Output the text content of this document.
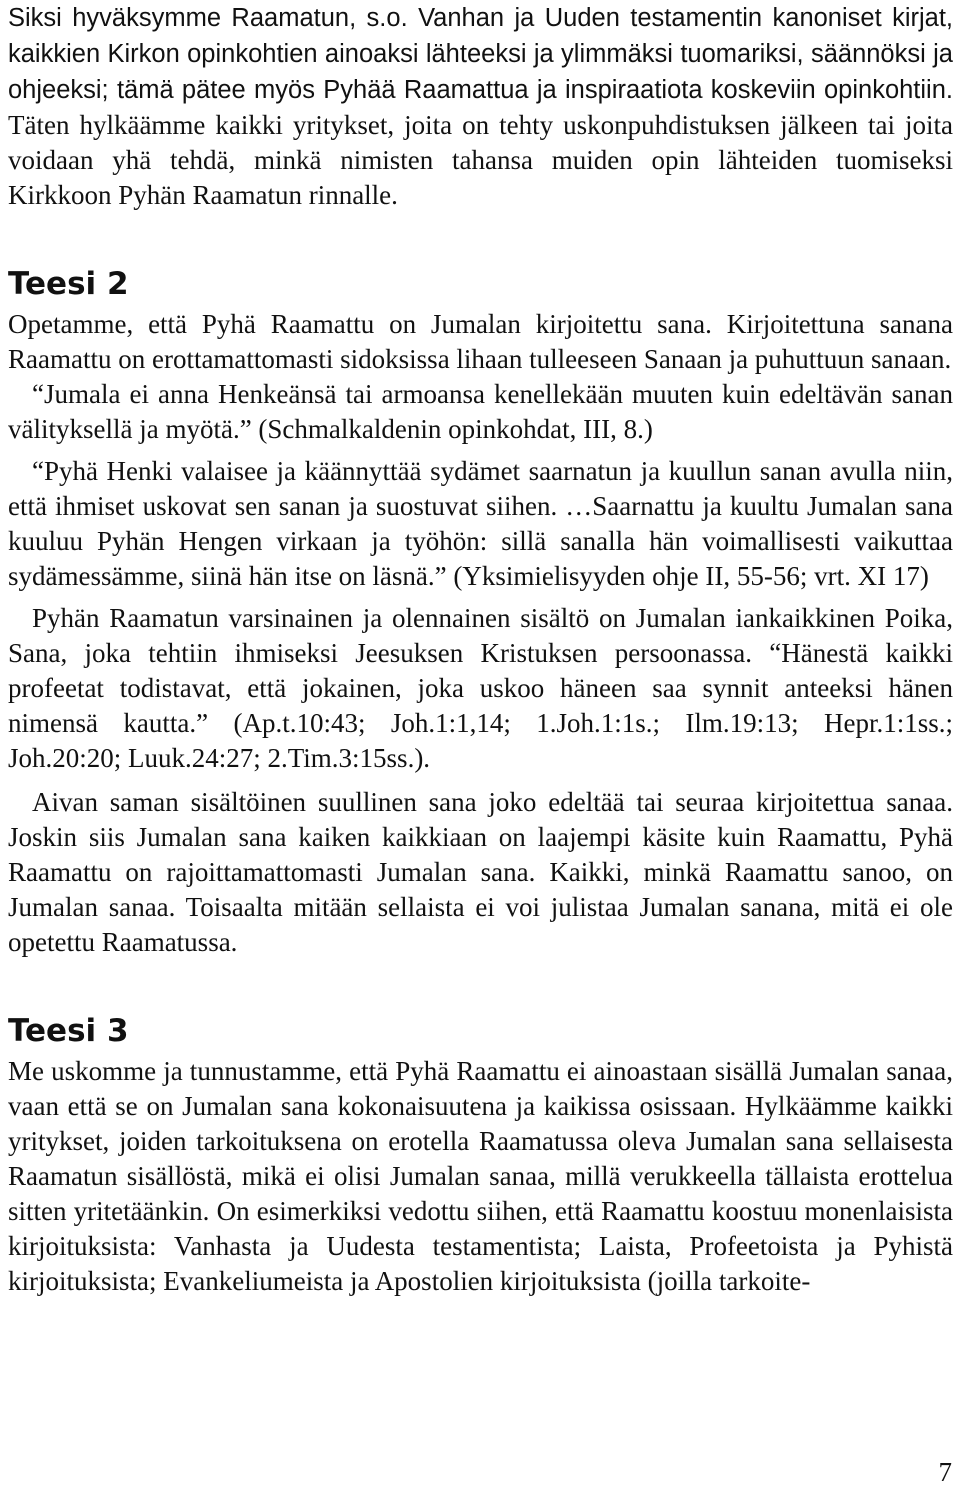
Siksi hyväksymme Raamatun, s.o. Vanhan ja Uuden testamentin kanoniset kirjat, kaikkien Kirkon opinkohtien ainoaksi lähteeksi ja ylimmäksi tuomariksi, säännöksi ja ohjeeksi; tämä pätee myös Pyhää Raamattua ja inspiraatiota koskeviin opinkohtiin. Täten hylkäämme kaikki yritykset, joita on tehty uskonpuhdistuksen jälkeen tai joita voidaan yhä tehdä, minkä nimisten tahansa muiden opin lähteiden tuomiseksi Kirkkoon Pyhän Raamatun rinnalle.

Teesi 2

Opetamme, että Pyhä Raamattu on Jumalan kirjoitettu sana. Kirjoitettuna sanana Raamattu on erottamattomasti sidoksissa lihaan tulleeseen Sanaan ja puhuttuun sanaan.

“Jumala ei anna Henkeänsä tai armoansa kenellekään muuten kuin edeltävän sanan välityksellä ja myötä.” (Schmalkaldenin opinkohdat, III, 8.)

“Pyhä Henki valaisee ja käännyttää sydämet saarnatun ja kuullun sanan avulla niin, että ihmiset uskovat sen sanan ja suostuvat siihen. …Saarnattu ja kuultu Jumalan sana kuuluu Pyhän Hengen virkaan ja työhön: sillä sanalla hän voimallisesti vaikuttaa sydämessämme, siinä hän itse on läsnä.” (Yksimielisyyden ohje II, 55-56; vrt. XI 17)

Pyhän Raamatun varsinainen ja olennainen sisältö on Jumalan iankaikkinen Poika, Sana, joka tehtiin ihmiseksi Jeesuksen Kristuksen persoonassa. “Hänestä kaikki profeetat todistavat, että jokainen, joka uskoo häneen saa synnit anteeksi hänen nimensä kautta.” (Ap.t.10:43; Joh.1:1,14; 1.Joh.1:1s.; Ilm.19:13; Hepr.1:1ss.; Joh.20:20; Luuk.24:27; 2.Tim.3:15ss.).

Aivan saman sisältöinen suullinen sana joko edeltää tai seuraa kirjoitettua sanaa. Joskin siis Jumalan sana kaiken kaikkiaan on laajempi käsite kuin Raamattu, Pyhä Raamattu on rajoittamattomasti Jumalan sana. Kaikki, minkä Raamattu sanoo, on Jumalan sanaa. Toisaalta mitään sellaista ei voi julistaa Jumalan sanana, mitä ei ole opetettu Raamatussa.

Teesi 3

Me uskomme ja tunnustamme, että Pyhä Raamattu ei ainoastaan sisällä Jumalan sanaa, vaan että se on Jumalan sana kokonaisuutena ja kaikissa osissaan. Hylkäämme kaikki yritykset, joiden tarkoituksena on erotella Raamatussa oleva Jumalan sana sellaisesta Raamatun sisällöstä, mikä ei olisi Jumalan sanaa, millä verukkeella tällaista erottelua sitten yritetäänkin. On esimerkiksi vedottu siihen, että Raamattu koostuu monenlaisista kirjoituksista: Vanhasta ja Uudesta testamentista; Laista, Profeetoista ja Pyhistä kirjoituksista; Evankeliumeista ja Apostolien kirjoituksista (joilla tarkoite-

7
